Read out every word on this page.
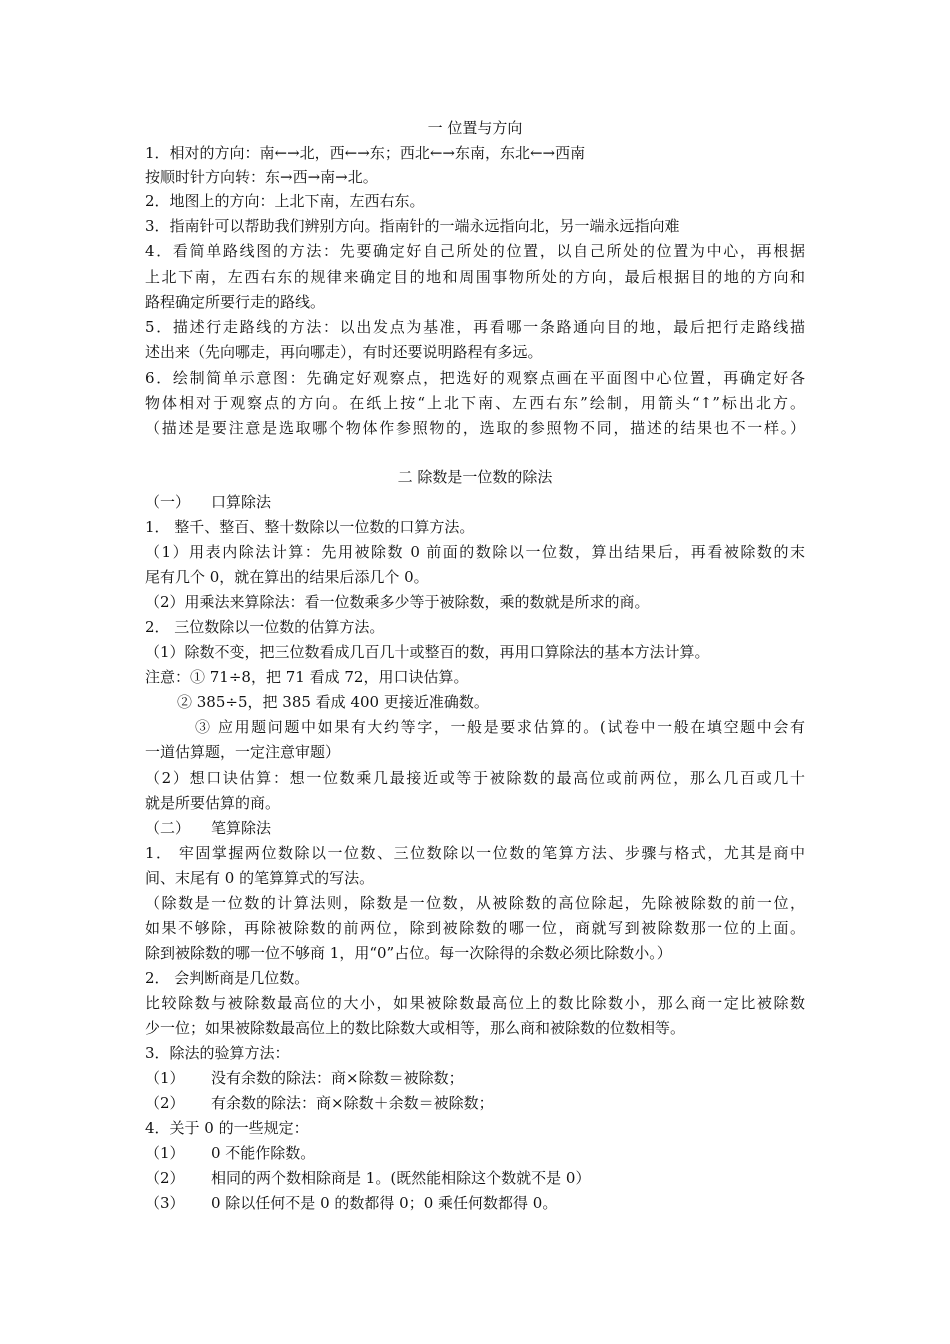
一 位置与方向
1．相对的方向：南←→北，西←→东；西北←→东南，东北←→西南
按顺时针方向转：东→西→南→北。
2．地图上的方向：上北下南，左西右东。
3．指南针可以帮助我们辨别方向。指南针的一端永远指向北，另一端永远指向难
4．看简单路线图的方法：先要确定好自己所处的位置，以自己所处的位置为中心，再根据
上北下南，左西右东的规律来确定目的地和周围事物所处的方向，最后根据目的地的方向和
路程确定所要行走的路线。
5．描述行走路线的方法：以出发点为基准，再看哪一条路通向目的地，最后把行走路线描
述出来（先向哪走，再向哪走），有时还要说明路程有多远。
6．绘制简单示意图：先确定好观察点，把选好的观察点画在平面图中心位置，再确定好各
物体相对于观察点的方向。在纸上按“上北下南、左西右东”绘制，用箭头“↑”标出北方。
（描述是要注意是选取哪个物体作参照物的，选取的参照物不同，描述的结果也不一样。）
二 除数是一位数的除法
（一） 口算除法
1． 整千、整百、整十数除以一位数的口算方法。
（1）用表内除法计算：先用被除数 0 前面的数除以一位数，算出结果后，再看被除数的末
尾有几个 0，就在算出的结果后添几个 0。
（2）用乘法来算除法：看一位数乘多少等于被除数，乘的数就是所求的商。
2． 三位数除以一位数的估算方法。
（1）除数不变，把三位数看成几百几十或整百的数，再用口算除法的基本方法计算。
注意：① 71÷8，把 71 看成 72，用口诀估算。
② 385÷5，把 385 看成 400 更接近准确数。
③ 应用题问题中如果有大约等字，一般是要求估算的。(试卷中一般在填空题中会有
一道估算题，一定注意审题）
（2）想口诀估算：想一位数乘几最接近或等于被除数的最高位或前两位，那么几百或几十
就是所要估算的商。
（二） 笔算除法
1． 牢固掌握两位数除以一位数、三位数除以一位数的笔算方法、步骤与格式，尤其是商中
间、末尾有 0 的笔算算式的写法。
（除数是一位数的计算法则，除数是一位数，从被除数的高位除起，先除被除数的前一位，
如果不够除，再除被除数的前两位，除到被除数的哪一位，商就写到被除数那一位的上面。
除到被除数的哪一位不够商 1，用“0”占位。每一次除得的余数必须比除数小。）
2． 会判断商是几位数。
比较除数与被除数最高位的大小，如果被除数最高位上的数比除数小，那么商一定比被除数
少一位；如果被除数最高位上的数比除数大或相等，那么商和被除数的位数相等。
3．除法的验算方法：
（1） 没有余数的除法：商×除数＝被除数；
（2） 有余数的除法：商×除数＋余数＝被除数；
4．关于 0 的一些规定：
（1） 0 不能作除数。
（2） 相同的两个数相除商是 1。(既然能相除这个数就不是 0）
（3） 0 除以任何不是 0 的数都得 0；0 乘任何数都得 0。
